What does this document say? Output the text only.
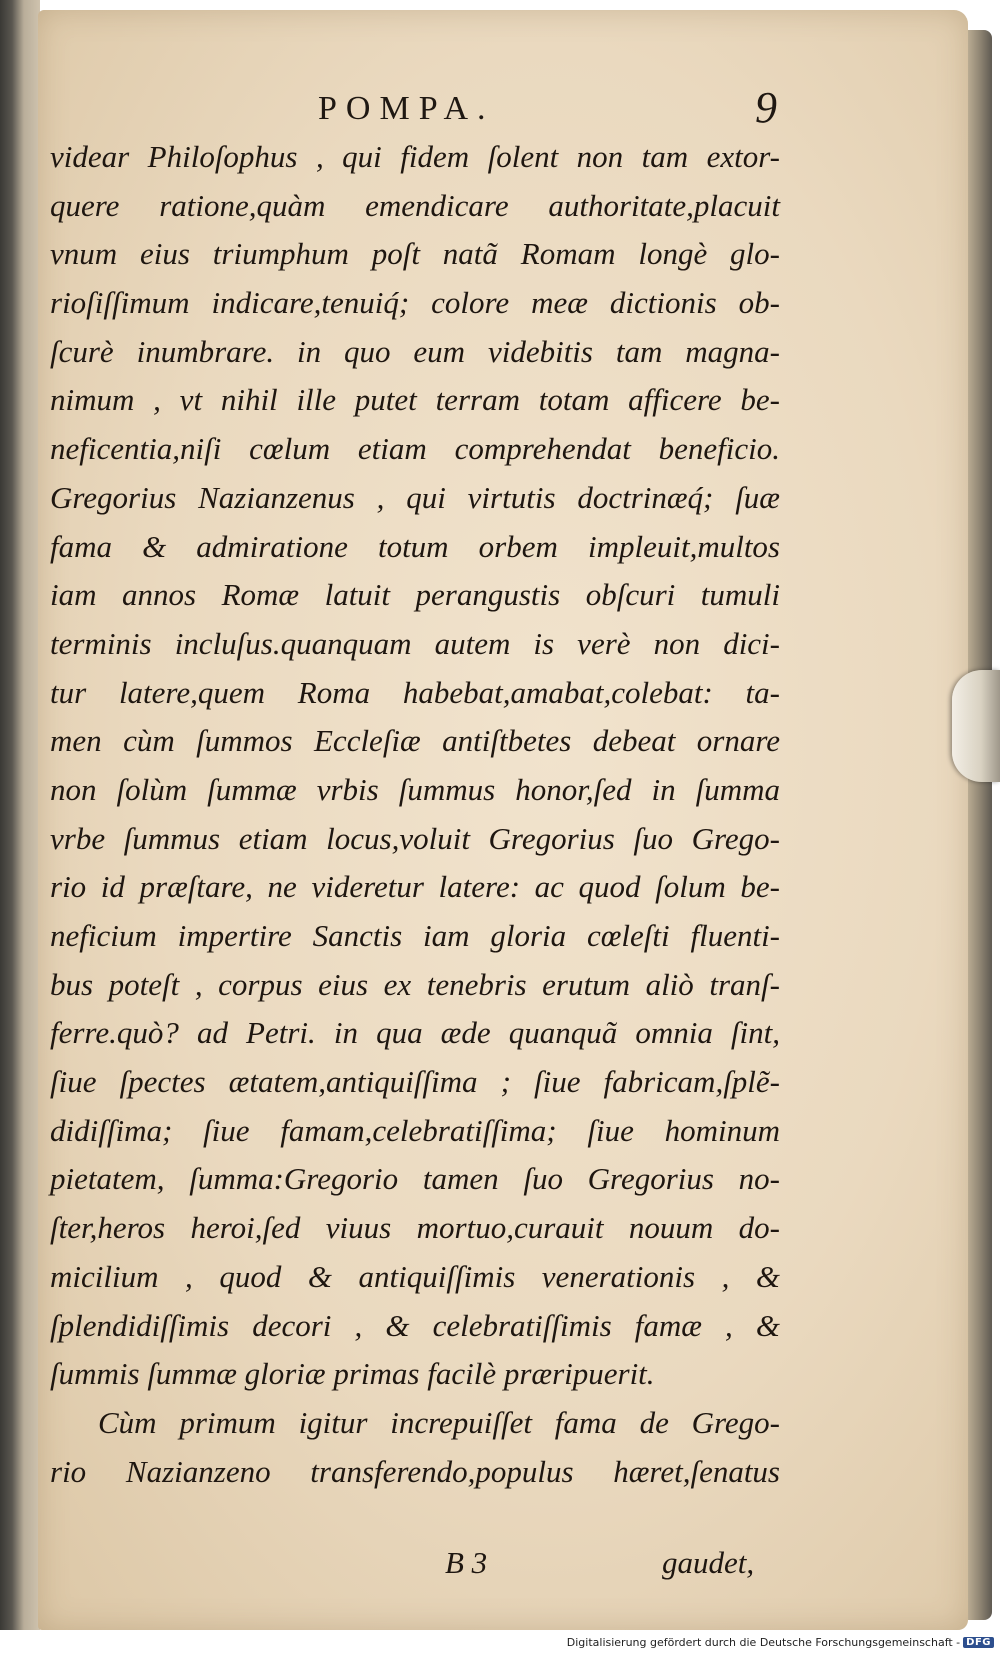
POMPA.	9
videar Philoſophus , qui fidem ſolent non tam extor-
quere ratione,quàm emendicare authoritate,placuit
vnum eius triumphum poſt natã Romam longè glo-
rioſiſſimum indicare,tenuiq́; colore meæ dictionis ob-
ſcurè inumbrare. in quo eum videbitis tam magna-
nimum , vt nihil ille putet terram totam afficere be-
neficentia,niſi cœlum etiam comprehendat beneficio.
Gregorius Nazianzenus , qui virtutis doctrinæq́; ſuæ
fama & admiratione totum orbem impleuit,multos
iam annos Romæ latuit perangustis obſcuri tumuli
terminis incluſus.quanquam autem is verè non dici-
tur latere,quem Roma habebat,amabat,colebat: ta-
men cùm ſummos Eccleſiæ antiſtbetes debeat ornare
non ſolùm ſummæ vrbis ſummus honor,ſed in ſumma
vrbe ſummus etiam locus,voluit Gregorius ſuo Grego-
rio id præſtare, ne videretur latere: ac quod ſolum be-
neficium impertire Sanctis iam gloria cœleſti fluenti-
bus poteſt , corpus eius ex tenebris erutum aliò tranſ-
ferre.quò? ad Petri. in qua æde quanquã omnia ſint,
ſiue ſpectes ætatem,antiquiſſima ; ſiue fabricam,ſplẽ-
didiſſima; ſiue famam,celebratiſſima; ſiue hominum
pietatem, ſumma:Gregorio tamen ſuo Gregorius no-
ſter,heros heroi,ſed viuus mortuo,curauit nouum do-
micilium , quod & antiquiſſimis venerationis , &
ſplendidiſſimis decori , & celebratiſſimis famæ , &
ſummis ſummæ gloriæ primas facilè præripuerit.
Cùm primum igitur increpuiſſet fama de Grego-
rio Nazianzeno transferendo,populus hæret,ſenatus
B 3	gaudet,
Digitalisierung gefördert durch die Deutsche Forschungsgemeinschaft - DFG
